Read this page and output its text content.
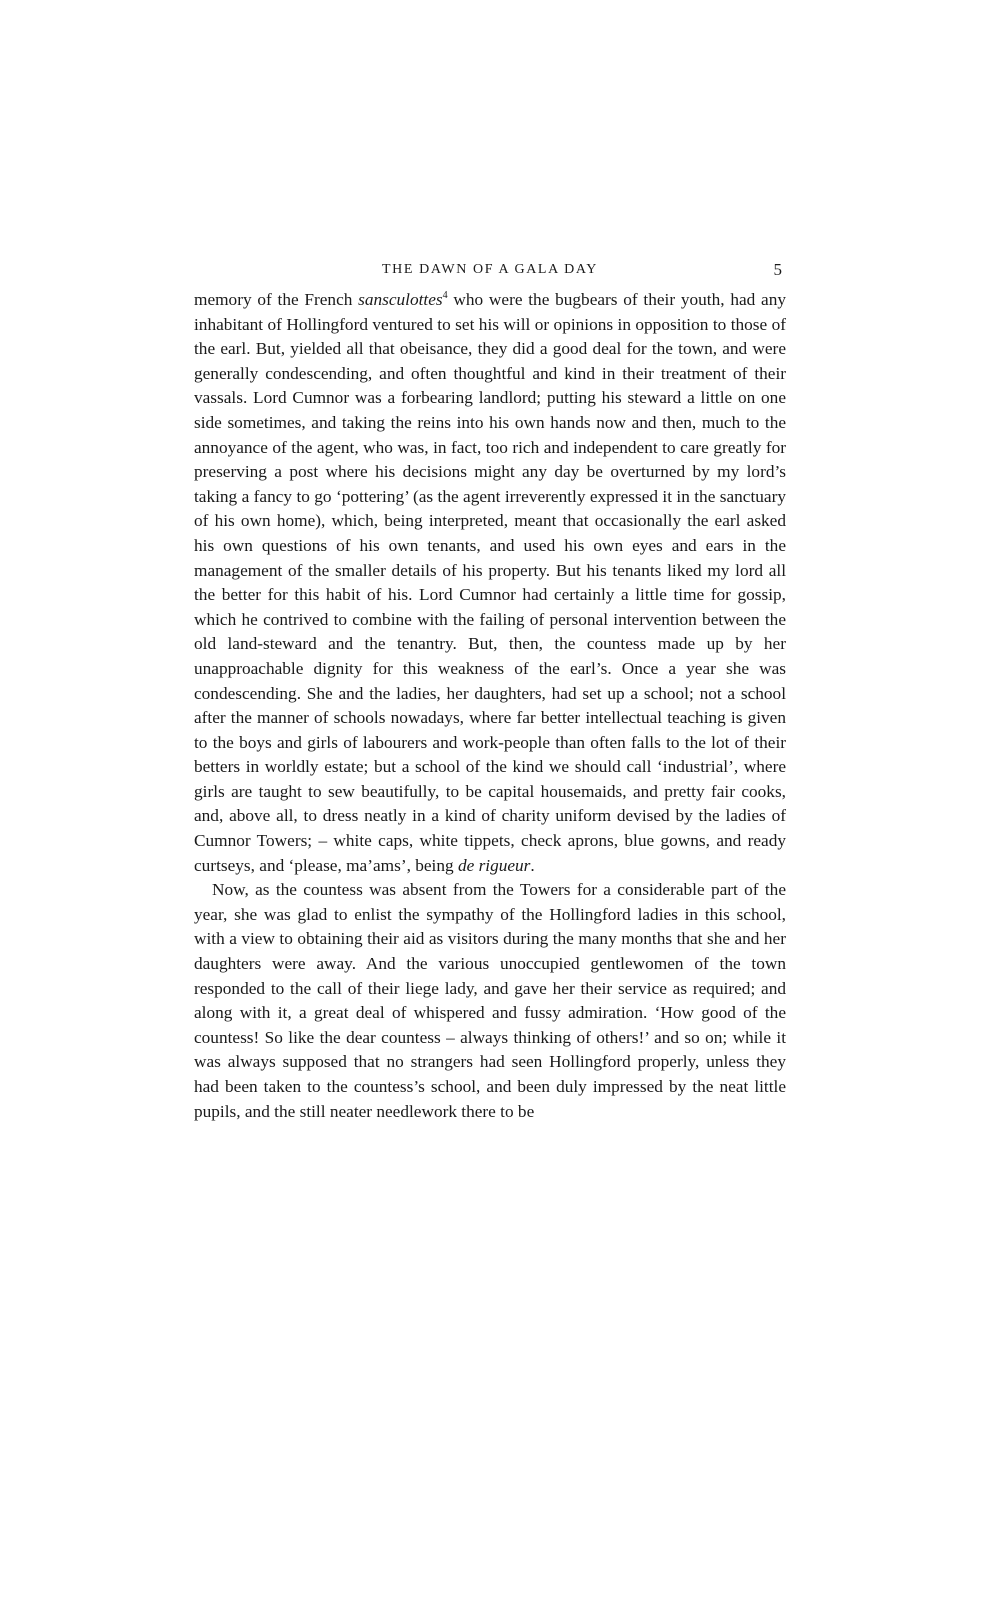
THE DAWN OF A GALA DAY	5

memory of the French sansculottes$^4$ who were the bugbears of their youth, had any inhabitant of Hollingford ventured to set his will or opinions in opposition to those of the earl. But, yielded all that obeisance, they did a good deal for the town, and were generally condescending, and often thoughtful and kind in their treatment of their vassals. Lord Cumnor was a forbearing landlord; putting his steward a little on one side sometimes, and taking the reins into his own hands now and then, much to the annoyance of the agent, who was, in fact, too rich and independent to care greatly for preserving a post where his decisions might any day be overturned by my lord’s taking a fancy to go ‘pottering’ (as the agent irreverently expressed it in the sanctuary of his own home), which, being interpreted, meant that occasionally the earl asked his own questions of his own tenants, and used his own eyes and ears in the management of the smaller details of his property. But his tenants liked my lord all the better for this habit of his. Lord Cumnor had certainly a little time for gossip, which he contrived to combine with the failing of personal intervention between the old land-steward and the tenantry. But, then, the countess made up by her unapproachable dignity for this weakness of the earl’s. Once a year she was condescending. She and the ladies, her daughters, had set up a school; not a school after the manner of schools nowadays, where far better intellectual teaching is given to the boys and girls of labourers and work-people than often falls to the lot of their betters in worldly estate; but a school of the kind we should call ‘industrial’, where girls are taught to sew beautifully, to be capital housemaids, and pretty fair cooks, and, above all, to dress neatly in a kind of charity uniform devised by the ladies of Cumnor Towers; – white caps, white tippets, check aprons, blue gowns, and ready curtseys, and ‘please, ma’ams’, being de rigueur.

Now, as the countess was absent from the Towers for a considerable part of the year, she was glad to enlist the sympathy of the Hollingford ladies in this school, with a view to obtaining their aid as visitors during the many months that she and her daughters were away. And the various unoccupied gentlewomen of the town responded to the call of their liege lady, and gave her their service as required; and along with it, a great deal of whispered and fussy admiration. ‘How good of the countess! So like the dear countess – always thinking of others!’ and so on; while it was always supposed that no strangers had seen Hollingford properly, unless they had been taken to the countess’s school, and been duly impressed by the neat little pupils, and the still neater needlework there to be
